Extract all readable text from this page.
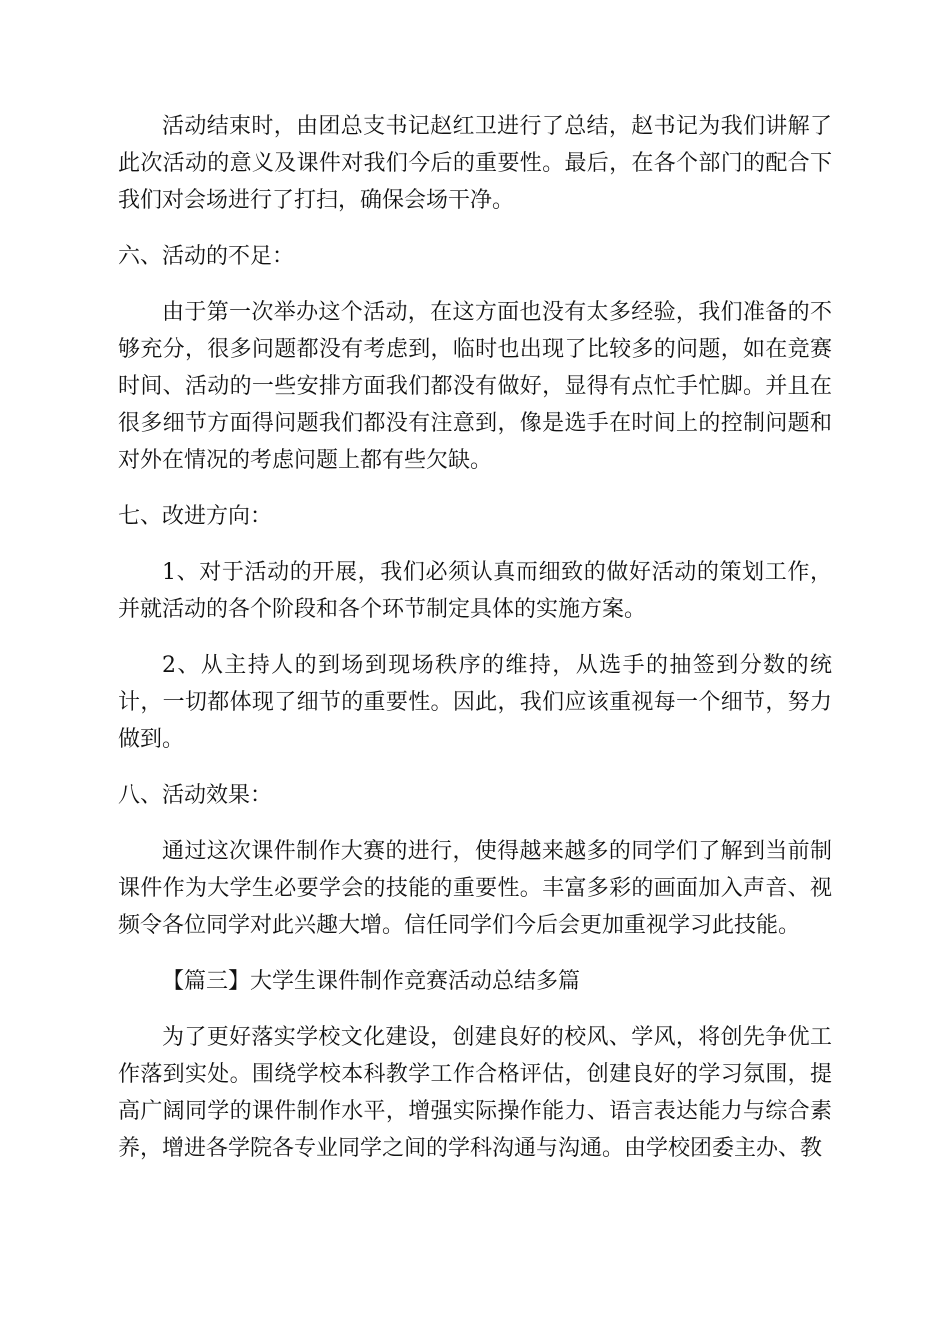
活动结束时，由团总支书记赵红卫进行了总结，赵书记为我们讲解了此次活动的意义及课件对我们今后的重要性。最后，在各个部门的配合下我们对会场进行了打扫，确保会场干净。

六、活动的不足：

由于第一次举办这个活动，在这方面也没有太多经验，我们准备的不够充分，很多问题都没有考虑到，临时也出现了比较多的问题，如在竞赛时间、活动的一些安排方面我们都没有做好，显得有点忙手忙脚。并且在很多细节方面得问题我们都没有注意到，像是选手在时间上的控制问题和对外在情况的考虑问题上都有些欠缺。

七、改进方向：

1、对于活动的开展，我们必须认真而细致的做好活动的策划工作，并就活动的各个阶段和各个环节制定具体的实施方案。

2、从主持人的到场到现场秩序的维持，从选手的抽签到分数的统计，一切都体现了细节的重要性。因此，我们应该重视每一个细节，努力做到。

八、活动效果：

通过这次课件制作大赛的进行，使得越来越多的同学们了解到当前制课件作为大学生必要学会的技能的重要性。丰富多彩的画面加入声音、视频令各位同学对此兴趣大增。信任同学们今后会更加重视学习此技能。

【篇三】大学生课件制作竞赛活动总结多篇

为了更好落实学校文化建设，创建良好的校风、学风，将创先争优工作落到实处。围绕学校本科教学工作合格评估，创建良好的学习氛围，提高广阔同学的课件制作水平，增强实际操作能力、语言表达能力与综合素养，增进各学院各专业同学之间的学科沟通与沟通。由学校团委主办、教
